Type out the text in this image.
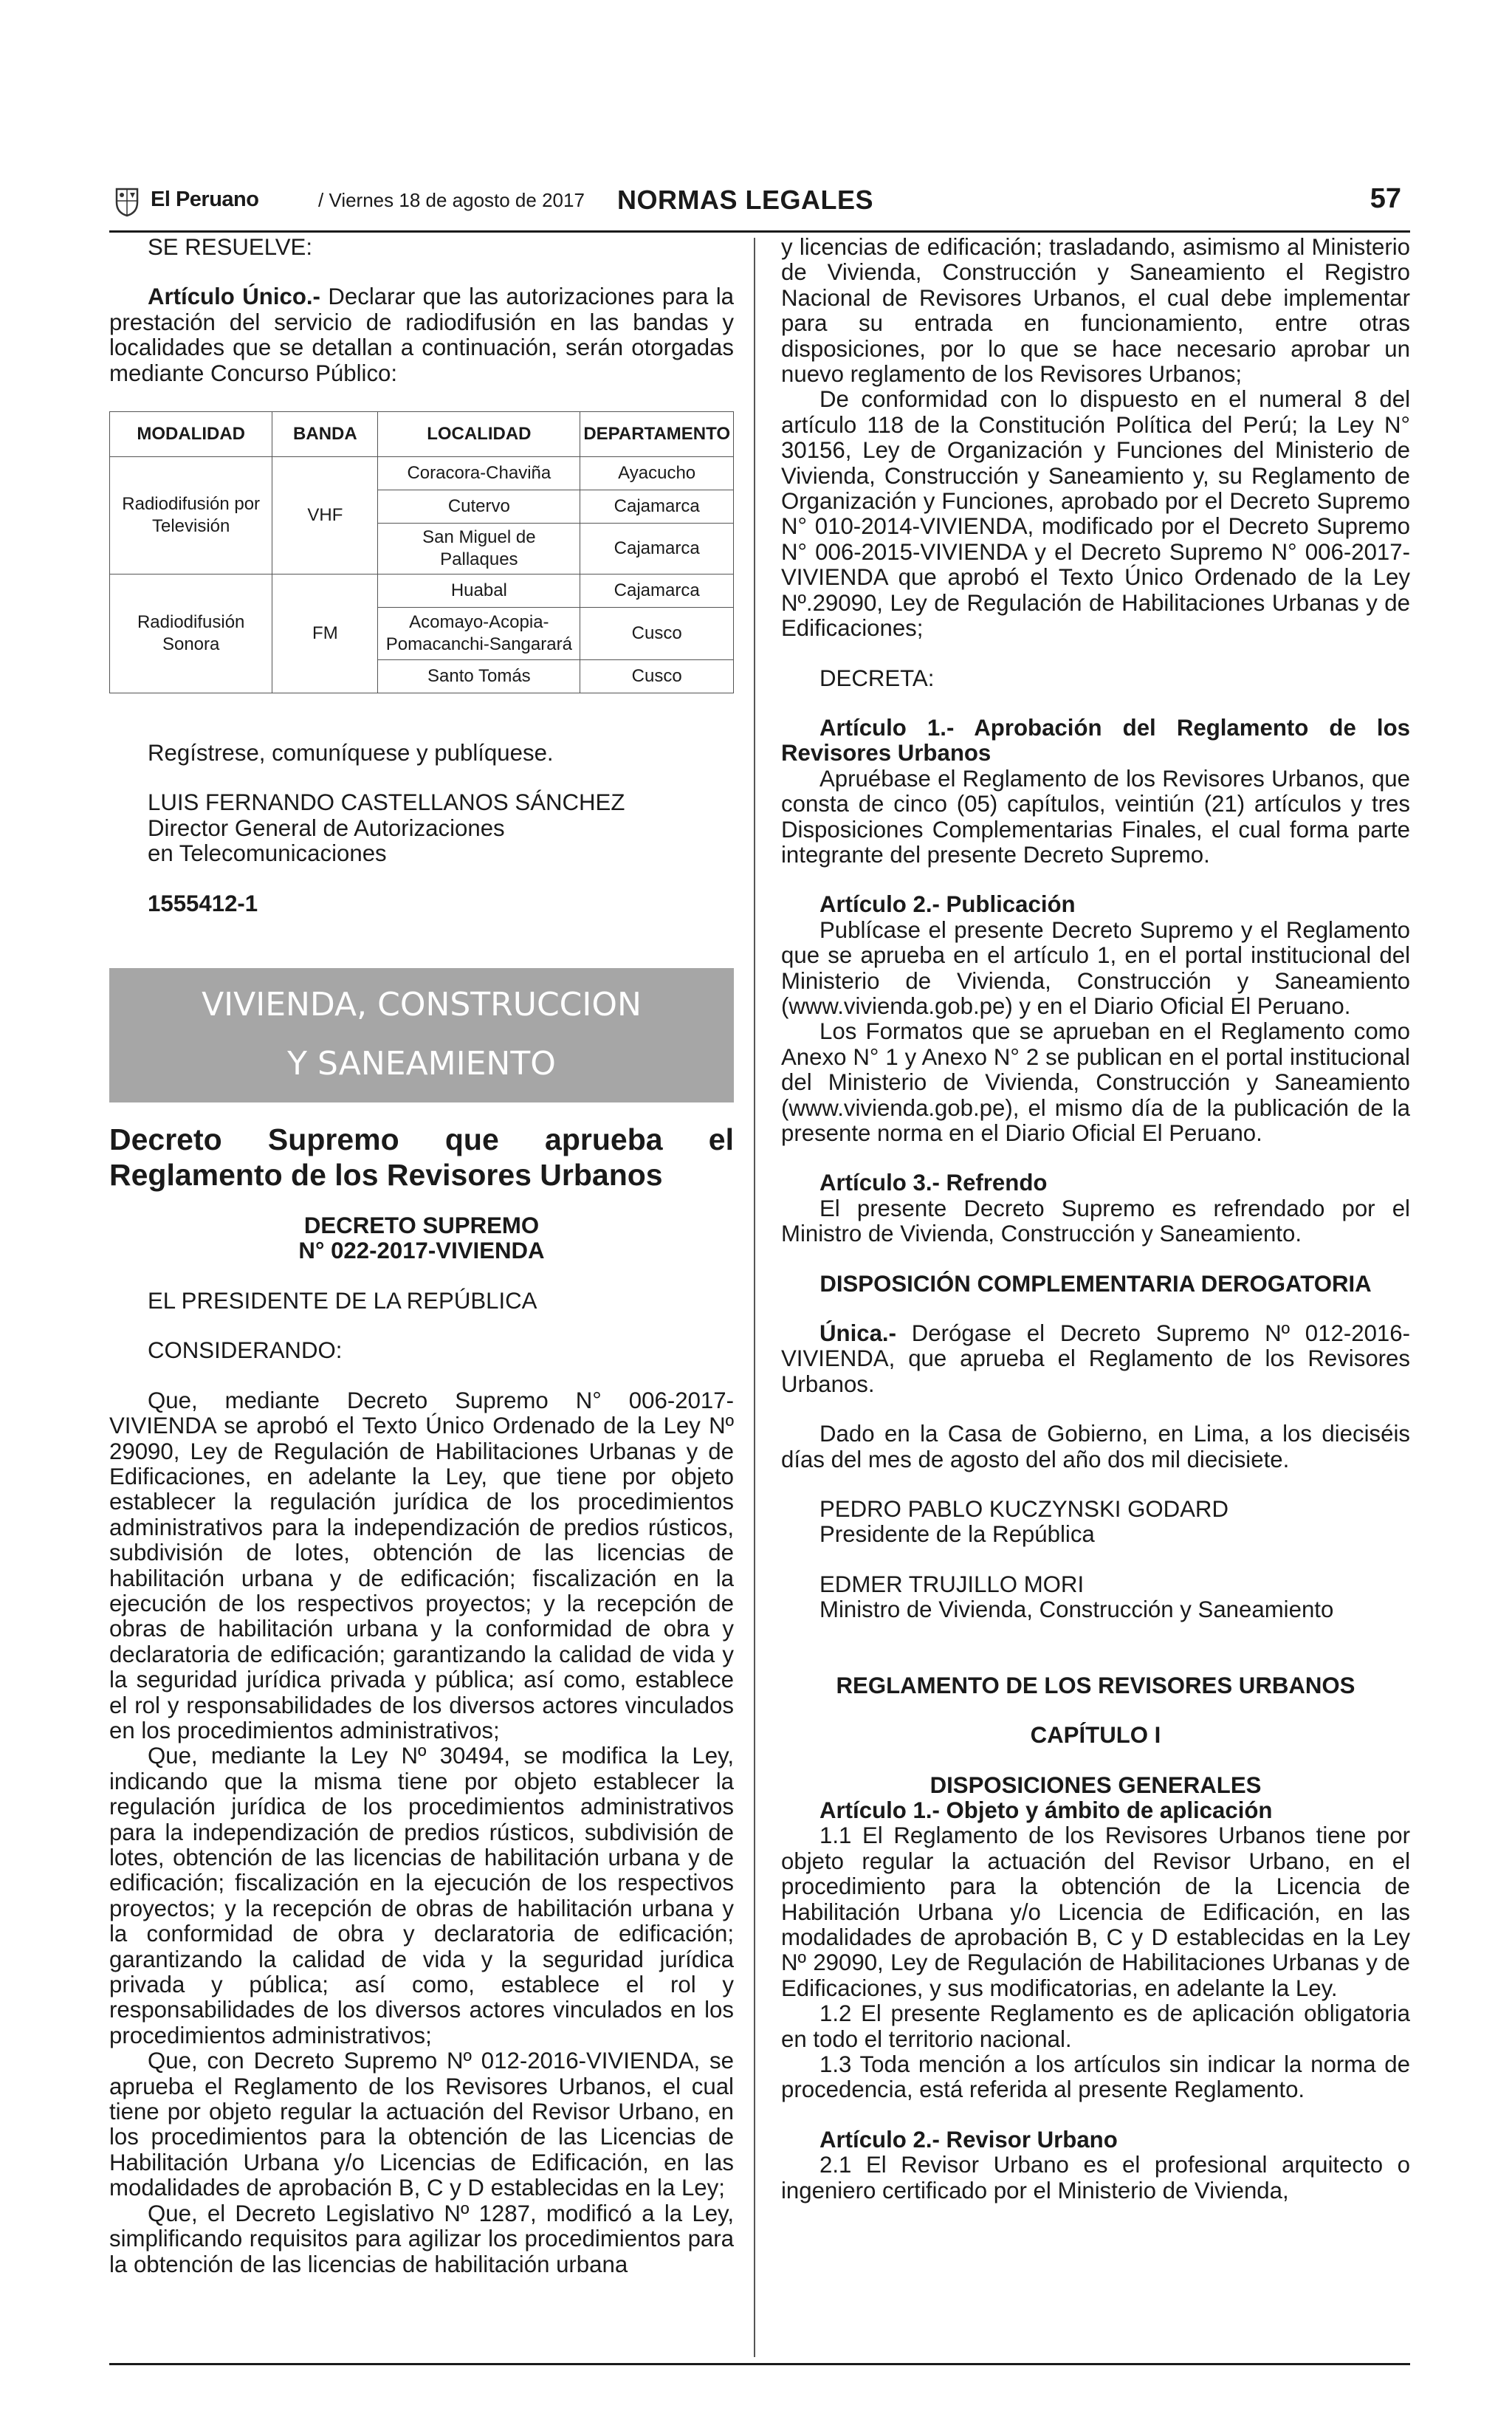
El Peruano	/ Viernes 18 de agosto de 2017 NORMAS LEGALES	57

SE RESUELVE:

Artículo Único.- Declarar que las autorizaciones para la prestación del servicio de radiodifusión en las bandas y localidades que se detallan a continuación, serán otorgadas mediante Concurso Público:

MODALIDAD	BANDA	LOCALIDAD	DEPARTAMENTO
Radiodifusión por Televisión	VHF	Coracora-Chaviña	Ayacucho
		Cutervo	Cajamarca
		San Miguel de Pallaques	Cajamarca
Radiodifusión Sonora	FM	Huabal	Cajamarca
		Acomayo-Acopia-Pomacanchi-Sangarará	Cusco
		Santo Tomás	Cusco

Regístrese, comuníquese y publíquese.

LUIS FERNANDO CASTELLANOS SÁNCHEZ

Director General de Autorizaciones

en Telecomunicaciones

1555412-1

VIVIENDA, CONSTRUCCION
Y SANEAMIENTO
Decreto Supremo que aprueba el
Reglamento de los Revisores Urbanos

DECRETO SUPREMO

N° 022-2017-VIVIENDA

EL PRESIDENTE DE LA REPÚBLICA

CONSIDERANDO:

Que, mediante Decreto Supremo N° 006-2017-VIVIENDA se aprobó el Texto Único Ordenado de la Ley Nº 29090, Ley de Regulación de Habilitaciones Urbanas y de Edificaciones, en adelante la Ley, que tiene por objeto establecer la regulación jurídica de los procedimientos administrativos para la independización de predios rústicos, subdivisión de lotes, obtención de las licencias de habilitación urbana y de edificación; fiscalización en la ejecución de los respectivos proyectos; y la recepción de obras de habilitación urbana y la conformidad de obra y declaratoria de edificación; garantizando la calidad de vida y la seguridad jurídica privada y pública; así como, establece el rol y responsabilidades de los diversos actores vinculados en los procedimientos administrativos;

Que, mediante la Ley Nº 30494, se modifica la Ley, indicando que la misma tiene por objeto establecer la regulación jurídica de los procedimientos administrativos para la independización de predios rústicos, subdivisión de lotes, obtención de las licencias de habilitación urbana y de edificación; fiscalización en la ejecución de los respectivos proyectos; y la recepción de obras de habilitación urbana y la conformidad de obra y declaratoria de edificación; garantizando la calidad de vida y la seguridad jurídica privada y pública; así como, establece el rol y responsabilidades de los diversos actores vinculados en los procedimientos administrativos;

Que, con Decreto Supremo Nº 012-2016-VIVIENDA, se aprueba el Reglamento de los Revisores Urbanos, el cual tiene por objeto regular la actuación del Revisor Urbano, en los procedimientos para la obtención de las Licencias de Habilitación Urbana y/o Licencias de Edificación, en las modalidades de aprobación B, C y D establecidas en la Ley;

Que, el Decreto Legislativo Nº 1287, modificó a la Ley, simplificando requisitos para agilizar los procedimientos para la obtención de las licencias de habilitación urbana

y licencias de edificación; trasladando, asimismo al Ministerio de Vivienda, Construcción y Saneamiento el Registro Nacional de Revisores Urbanos, el cual debe implementar para su entrada en funcionamiento, entre otras disposiciones, por lo que se hace necesario aprobar un nuevo reglamento de los Revisores Urbanos;

De conformidad con lo dispuesto en el numeral 8 del artículo 118 de la Constitución Política del Perú; la Ley N° 30156, Ley de Organización y Funciones del Ministerio de Vivienda, Construcción y Saneamiento y, su Reglamento de Organización y Funciones, aprobado por el Decreto Supremo N° 010-2014-VIVIENDA, modificado por el Decreto Supremo N° 006-2015-VIVIENDA y el Decreto Supremo N° 006-2017-VIVIENDA que aprobó el Texto Único Ordenado de la Ley Nº.29090, Ley de Regulación de Habilitaciones Urbanas y de Edificaciones;

DECRETA:

Artículo 1.- Aprobación del Reglamento de los Revisores Urbanos

Apruébase el Reglamento de los Revisores Urbanos, que consta de cinco (05) capítulos, veintiún (21) artículos y tres Disposiciones Complementarias Finales, el cual forma parte integrante del presente Decreto Supremo.

Artículo 2.- Publicación

Publícase el presente Decreto Supremo y el Reglamento que se aprueba en el artículo 1, en el portal institucional del Ministerio de Vivienda, Construcción y Saneamiento (www.vivienda.gob.pe) y en el Diario Oficial El Peruano.

Los Formatos que se aprueban en el Reglamento como Anexo N° 1 y Anexo N° 2 se publican en el portal institucional del Ministerio de Vivienda, Construcción y Saneamiento (www.vivienda.gob.pe), el mismo día de la publicación de la presente norma en el Diario Oficial El Peruano.

Artículo 3.- Refrendo

El presente Decreto Supremo es refrendado por el Ministro de Vivienda, Construcción y Saneamiento.

DISPOSICIÓN COMPLEMENTARIA DEROGATORIA

Única.- Derógase el Decreto Supremo Nº 012-2016-VIVIENDA, que aprueba el Reglamento de los Revisores Urbanos.

Dado en la Casa de Gobierno, en Lima, a los dieciséis días del mes de agosto del año dos mil diecisiete.

PEDRO PABLO KUCZYNSKI GODARD

Presidente de la República

EDMER TRUJILLO MORI

Ministro de Vivienda, Construcción y Saneamiento

REGLAMENTO DE LOS REVISORES URBANOS

CAPÍTULO I

DISPOSICIONES GENERALES

Artículo 1.- Objeto y ámbito de aplicación

1.1 El Reglamento de los Revisores Urbanos tiene por objeto regular la actuación del Revisor Urbano, en el procedimiento para la obtención de la Licencia de Habilitación Urbana y/o Licencia de Edificación, en las modalidades de aprobación B, C y D establecidas en la Ley Nº 29090, Ley de Regulación de Habilitaciones Urbanas y de Edificaciones, y sus modificatorias, en adelante la Ley.

1.2 El presente Reglamento es de aplicación obligatoria en todo el territorio nacional.

1.3 Toda mención a los artículos sin indicar la norma de procedencia, está referida al presente Reglamento.

Artículo 2.- Revisor Urbano

2.1 El Revisor Urbano es el profesional arquitecto o ingeniero certificado por el Ministerio de Vivienda,
